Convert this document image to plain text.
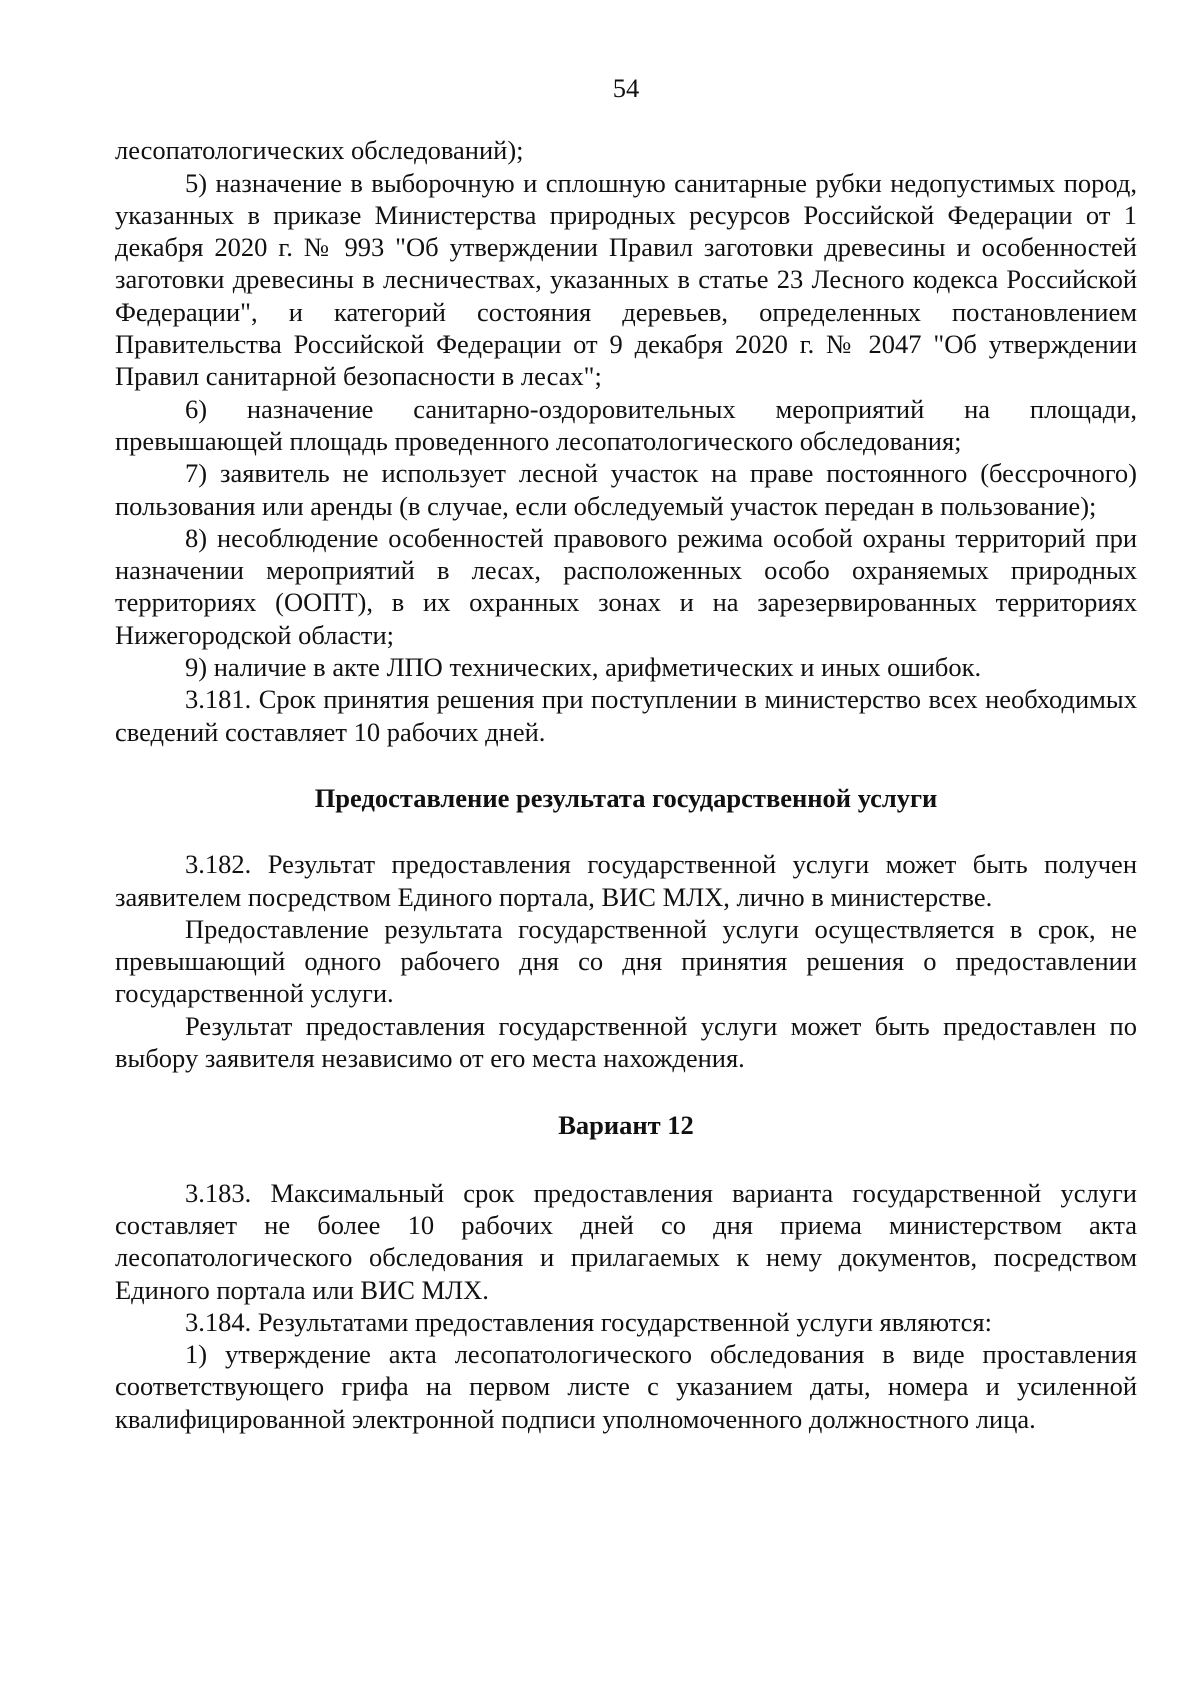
54

лесопатологических обследований);

5) назначение в выборочную и сплошную санитарные рубки недопустимых пород, указанных в приказе Министерства природных ресурсов Российской Федерации от 1 декабря 2020 г. № 993 "Об утверждении Правил заготовки древесины и особенностей заготовки древесины в лесничествах, указанных в статье 23 Лесного кодекса Российской Федерации", и категорий состояния деревьев, определенных постановлением Правительства Российской Федерации от 9 декабря 2020 г. № 2047 "Об утверждении Правил санитарной безопасности в лесах";

6) назначение санитарно-оздоровительных мероприятий на площади, превышающей площадь проведенного лесопатологического обследования;

7) заявитель не использует лесной участок на праве постоянного (бессрочного) пользования или аренды (в случае, если обследуемый участок передан в пользование);

8) несоблюдение особенностей правового режима особой охраны территорий при назначении мероприятий в лесах, расположенных особо охраняемых природных территориях (ООПТ), в их охранных зонах и на зарезервированных территориях Нижегородской области;

9) наличие в акте ЛПО технических, арифметических и иных ошибок.

3.181. Срок принятия решения при поступлении в министерство всех необходимых сведений составляет 10 рабочих дней.

Предоставление результата государственной услуги

3.182. Результат предоставления государственной услуги может быть получен заявителем посредством Единого портала, ВИС МЛХ, лично в министерстве.

Предоставление результата государственной услуги осуществляется в срок, не превышающий одного рабочего дня со дня принятия решения о предоставлении государственной услуги.

Результат предоставления государственной услуги может быть предоставлен по выбору заявителя независимо от его места нахождения.

Вариант 12

3.183. Максимальный срок предоставления варианта государственной услуги составляет не более 10 рабочих дней со дня приема министерством акта лесопатологического обследования и прилагаемых к нему документов, посредством Единого портала или ВИС МЛХ.

3.184. Результатами предоставления государственной услуги являются:

1) утверждение акта лесопатологического обследования в виде проставления соответствующего грифа на первом листе с указанием даты, номера и усиленной квалифицированной электронной подписи уполномоченного должностного лица.
